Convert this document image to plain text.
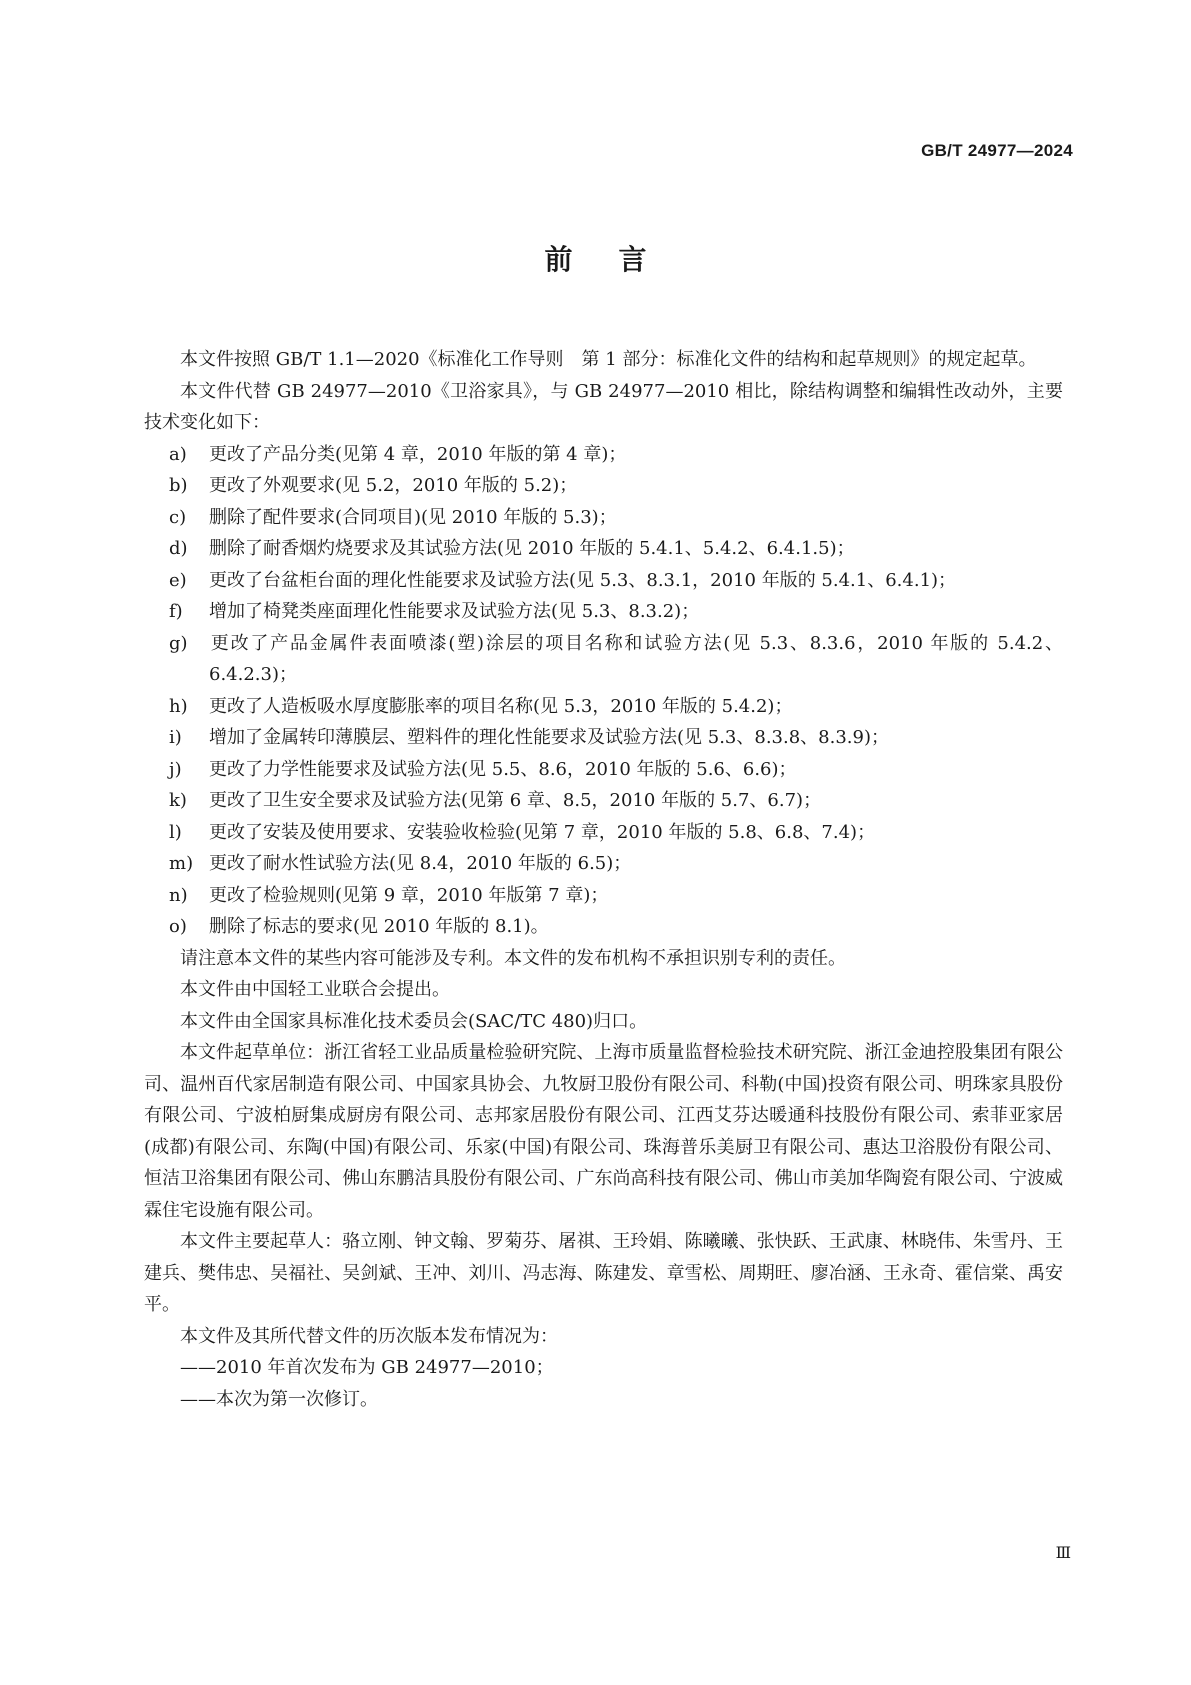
GB/T 24977—2024
前言

本文件按照 GB/T 1.1—2020《标准化工作导则　第 1 部分：标准化文件的结构和起草规则》的规定起草。

本文件代替 GB 24977—2010《卫浴家具》，与 GB 24977—2010 相比，除结构调整和编辑性改动外，主要技术变化如下：

a) 更改了产品分类(见第 4 章，2010 年版的第 4 章)；

b) 更改了外观要求(见 5.2，2010 年版的 5.2)；

c) 删除了配件要求(合同项目)(见 2010 年版的 5.3)；

d) 删除了耐香烟灼烧要求及其试验方法(见 2010 年版的 5.4.1、5.4.2、6.4.1.5)；

e) 更改了台盆柜台面的理化性能要求及试验方法(见 5.3、8.3.1，2010 年版的 5.4.1、6.4.1)；

f) 增加了椅凳类座面理化性能要求及试验方法(见 5.3、8.3.2)；

g) 更改了产品金属件表面喷漆(塑)涂层的项目名称和试验方法(见 5.3、8.3.6，2010 年版的 5.4.2、6.4.2.3)；

h) 更改了人造板吸水厚度膨胀率的项目名称(见 5.3，2010 年版的 5.4.2)；

i) 增加了金属转印薄膜层、塑料件的理化性能要求及试验方法(见 5.3、8.3.8、8.3.9)；

j) 更改了力学性能要求及试验方法(见 5.5、8.6，2010 年版的 5.6、6.6)；

k) 更改了卫生安全要求及试验方法(见第 6 章、8.5，2010 年版的 5.7、6.7)；

l) 更改了安装及使用要求、安装验收检验(见第 7 章，2010 年版的 5.8、6.8、7.4)；

m) 更改了耐水性试验方法(见 8.4，2010 年版的 6.5)；

n) 更改了检验规则(见第 9 章，2010 年版第 7 章)；

o) 删除了标志的要求(见 2010 年版的 8.1)。

请注意本文件的某些内容可能涉及专利。本文件的发布机构不承担识别专利的责任。

本文件由中国轻工业联合会提出。

本文件由全国家具标准化技术委员会(SAC/TC 480)归口。

本文件起草单位：浙江省轻工业品质量检验研究院、上海市质量监督检验技术研究院、浙江金迪控股集团有限公司、温州百代家居制造有限公司、中国家具协会、九牧厨卫股份有限公司、科勒(中国)投资有限公司、明珠家具股份有限公司、宁波柏厨集成厨房有限公司、志邦家居股份有限公司、江西艾芬达暖通科技股份有限公司、索菲亚家居(成都)有限公司、东陶(中国)有限公司、乐家(中国)有限公司、珠海普乐美厨卫有限公司、惠达卫浴股份有限公司、恒洁卫浴集团有限公司、佛山东鹏洁具股份有限公司、广东尚高科技有限公司、佛山市美加华陶瓷有限公司、宁波威霖住宅设施有限公司。

本文件主要起草人：骆立刚、钟文翰、罗菊芬、屠祺、王玲娟、陈曦曦、张快跃、王武康、林晓伟、朱雪丹、王建兵、樊伟忠、吴福社、吴剑斌、王冲、刘川、冯志海、陈建发、章雪松、周期旺、廖冶涵、王永奇、霍信棠、禹安平。

本文件及其所代替文件的历次版本发布情况为：

——2010 年首次发布为 GB 24977—2010；

——本次为第一次修订。

Ⅲ
